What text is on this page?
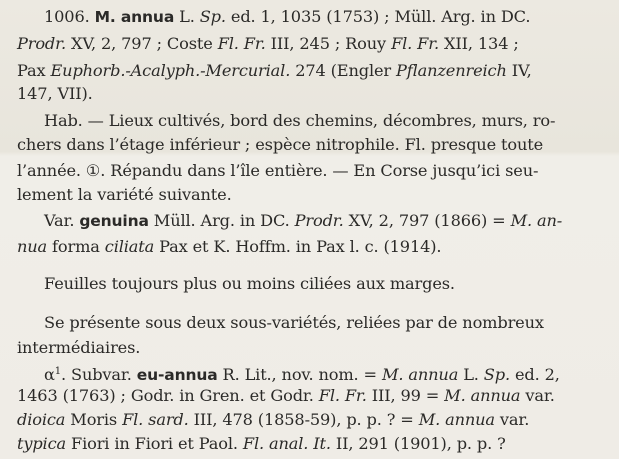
1006. M. annua L. Sp. ed. 1, 1035 (1753) ; Müll. Arg. in DC.
Prodr. XV, 2, 797 ; Coste Fl. Fr. III, 245 ; Rouy Fl. Fr. XII, 134 ;
Pax Euphorb.-Acalyph.-Mercurial. 274 (Engler Pflanzenreich IV,
147, VII).
Hab. — Lieux cultivés, bord des chemins, décombres, murs, ro-
chers dans l’étage inférieur ; espèce nitrophile. Fl. presque toute
l’année. ①. Répandu dans l’île entière. — En Corse jusqu’ici seu-
lement la variété suivante.
Var. genuina Müll. Arg. in DC. Prodr. XV, 2, 797 (1866) = M. an-
nua forma ciliata Pax et K. Hoffm. in Pax l. c. (1914).
Feuilles toujours plus ou moins ciliées aux marges.
Se présente sous deux sous-variétés, reliées par de nombreux
intermédiaires.
$\alpha^1$. Subvar. eu-annua R. Lit., nov. nom. = M. annua L. Sp. ed. 2,
1463 (1763) ; Godr. in Gren. et Godr. Fl. Fr. III, 99 = M. annua var.
dioica Moris Fl. sard. III, 478 (1858-59), p. p. ? = M. annua var.
typica Fiori in Fiori et Paol. Fl. anal. It. II, 291 (1901), p. p. ?
